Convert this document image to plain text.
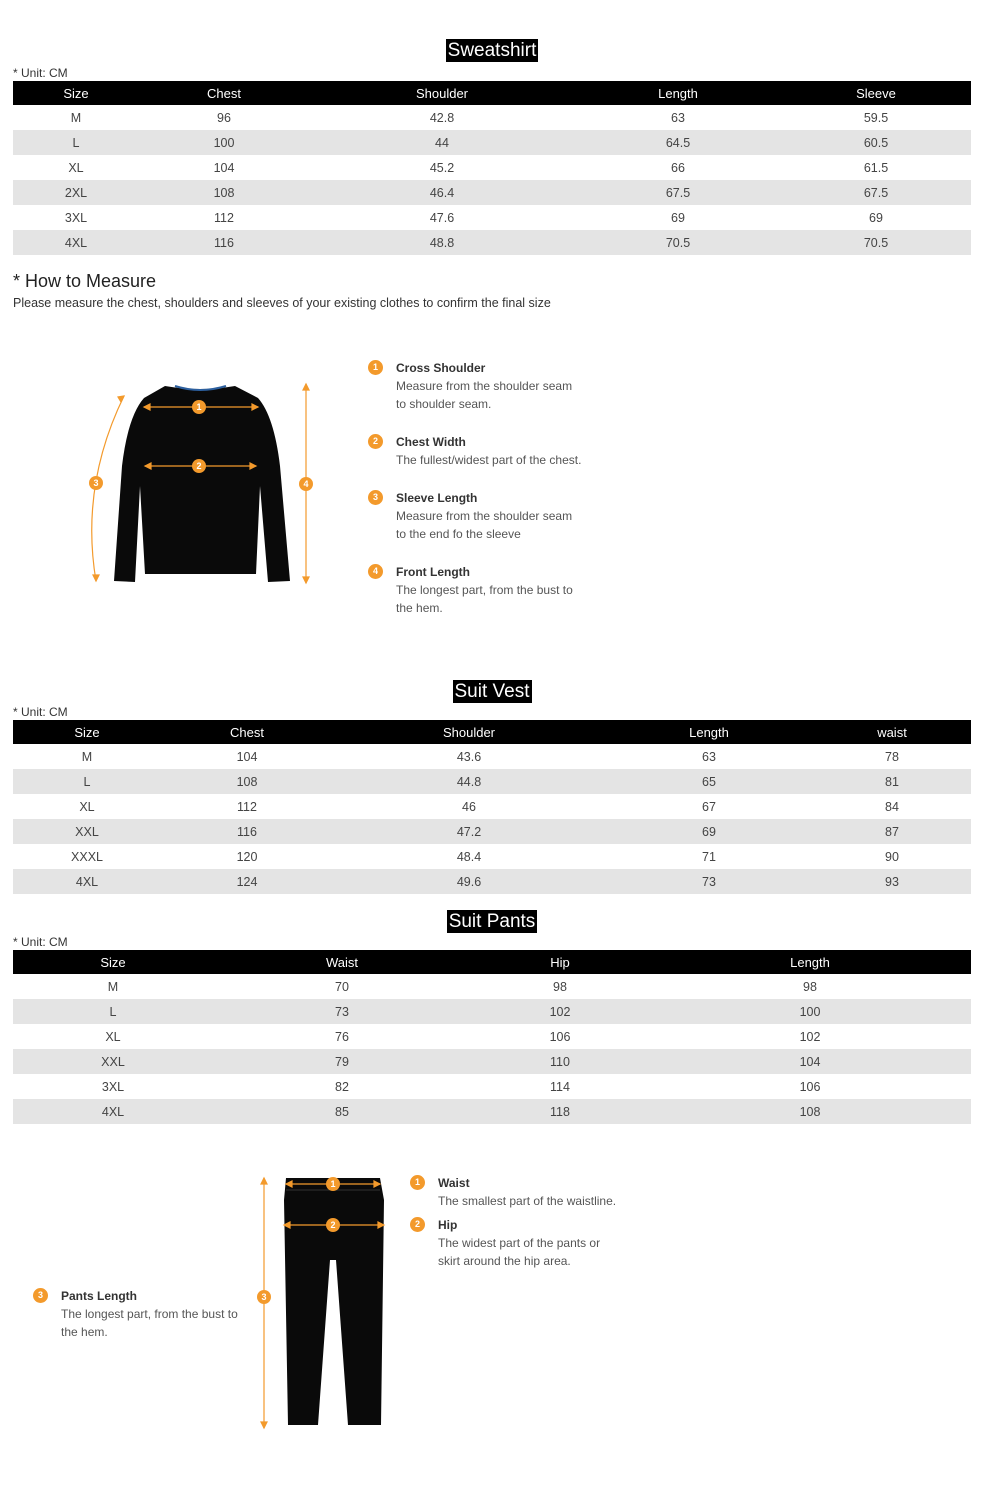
Sweatshirt
* Unit: CM
Size	Chest	Shoulder	Length	Sleeve
M	96	42.8	63	59.5
L	100	44	64.5	60.5
XL	104	45.2	66	61.5
2XL	108	46.4	67.5	67.5
3XL	112	47.6	69	69
4XL	116	48.8	70.5	70.5
* How to Measure
Please measure the chest, shoulders and sleeves of your existing clothes to confirm the final size
1
2
3	4
1	Cross Shoulder
Measure from the shoulder seam
to shoulder seam.
2	Chest Width
The fullest/widest part of the chest.
3	Sleeve Length
Measure from the shoulder seam
to the end fo the sleeve
4	Front Length
The longest part, from the bust to
the hem.
Suit Vest
* Unit: CM
Size	Chest	Shoulder	Length	waist
M	104	43.6	63	78
L	108	44.8	65	81
XL	112	46	67	84
XXL	116	47.2	69	87
XXXL	120	48.4	71	90
4XL	124	49.6	73	93
Suit Pants
* Unit: CM
Size	Waist	Hip	Length
M	70	98	98
L	73	102	100
XL	76	106	102
XXL	79	110	104
3XL	82	114	106
4XL	85	118	108
1
2
3
1	Waist
The smallest part of the waistline.
2	Hip
The widest part of the pants or
skirt around the hip area.
3	Pants Length
The longest part, from the bust to
the hem.
